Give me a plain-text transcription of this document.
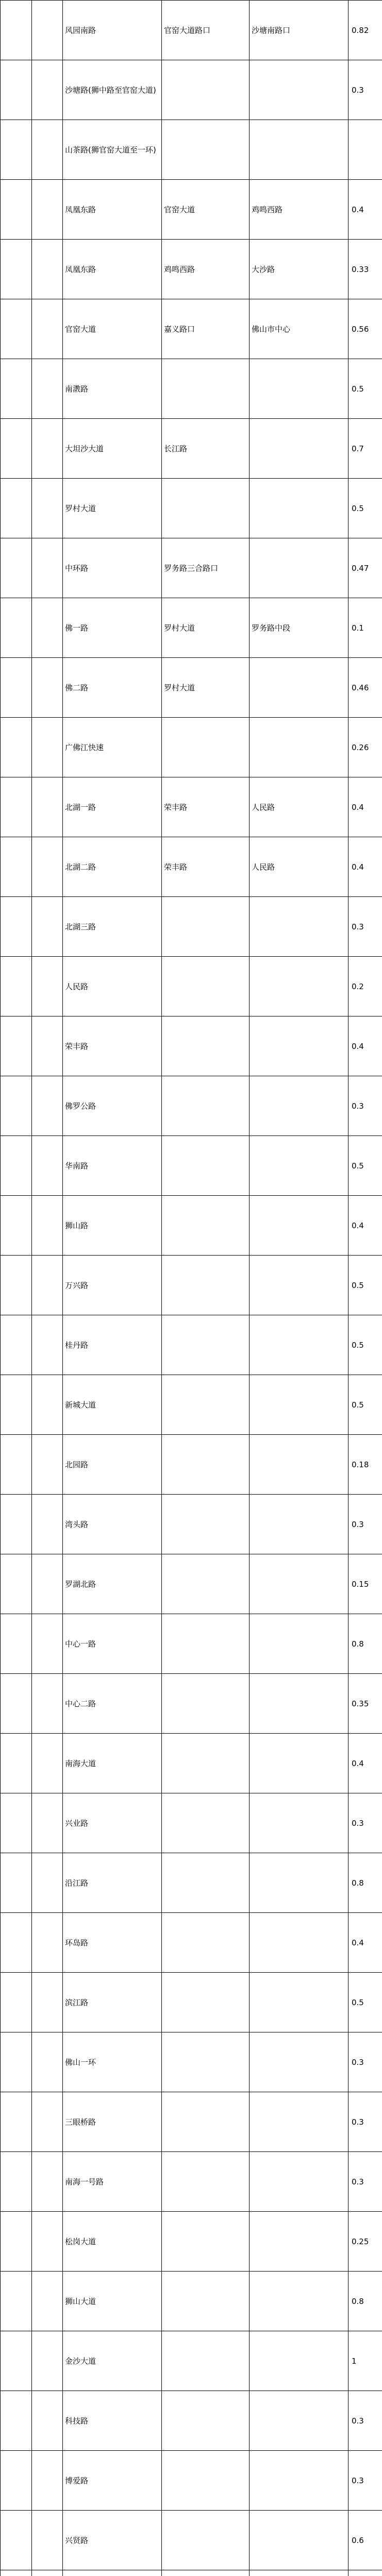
		风园南路	官窑大道路口	沙塘南路口	0.82
		沙塘路(狮中路至官窑大道)			0.3
		山茶路(狮官窑大道至一环)			
		凤凰东路	官窑大道	鸡鸣西路	0.4
		凤凰东路	鸡鸣西路	大沙路	0.33
		官窑大道	嘉义路口	佛山市中心	0.56
		南漖路			0.5
		大坦沙大道	长江路		0.7
		罗村大道			0.5
		中环路	罗务路三合路口		0.47
		佛一路	罗村大道	罗务路中段	0.1
		佛二路	罗村大道		0.46
		广佛江快速			0.26
		北湖一路	荣丰路	人民路	0.4
		北湖二路	荣丰路	人民路	0.4
		北湖三路			0.3
		人民路			0.2
		荣丰路			0.4
		佛罗公路			0.3
		华南路			0.5
		狮山路			0.4
		万兴路			0.5
		桂丹路			0.5
		新城大道			0.5
		北园路			0.18
		湾头路			0.3
		罗湖北路			0.15
		中心一路			0.8
		中心二路			0.35
		南海大道			0.4
		兴业路			0.3
		沿江路			0.8
		环岛路			0.4
		滨江路			0.5
		佛山一环			0.3
		三眼桥路			0.3
		南海一号路			0.3
		松岗大道			0.25
		狮山大道			0.8
		金沙大道			1
		科技路			0.3
		博爱路			0.3
		兴贤路			0.6
